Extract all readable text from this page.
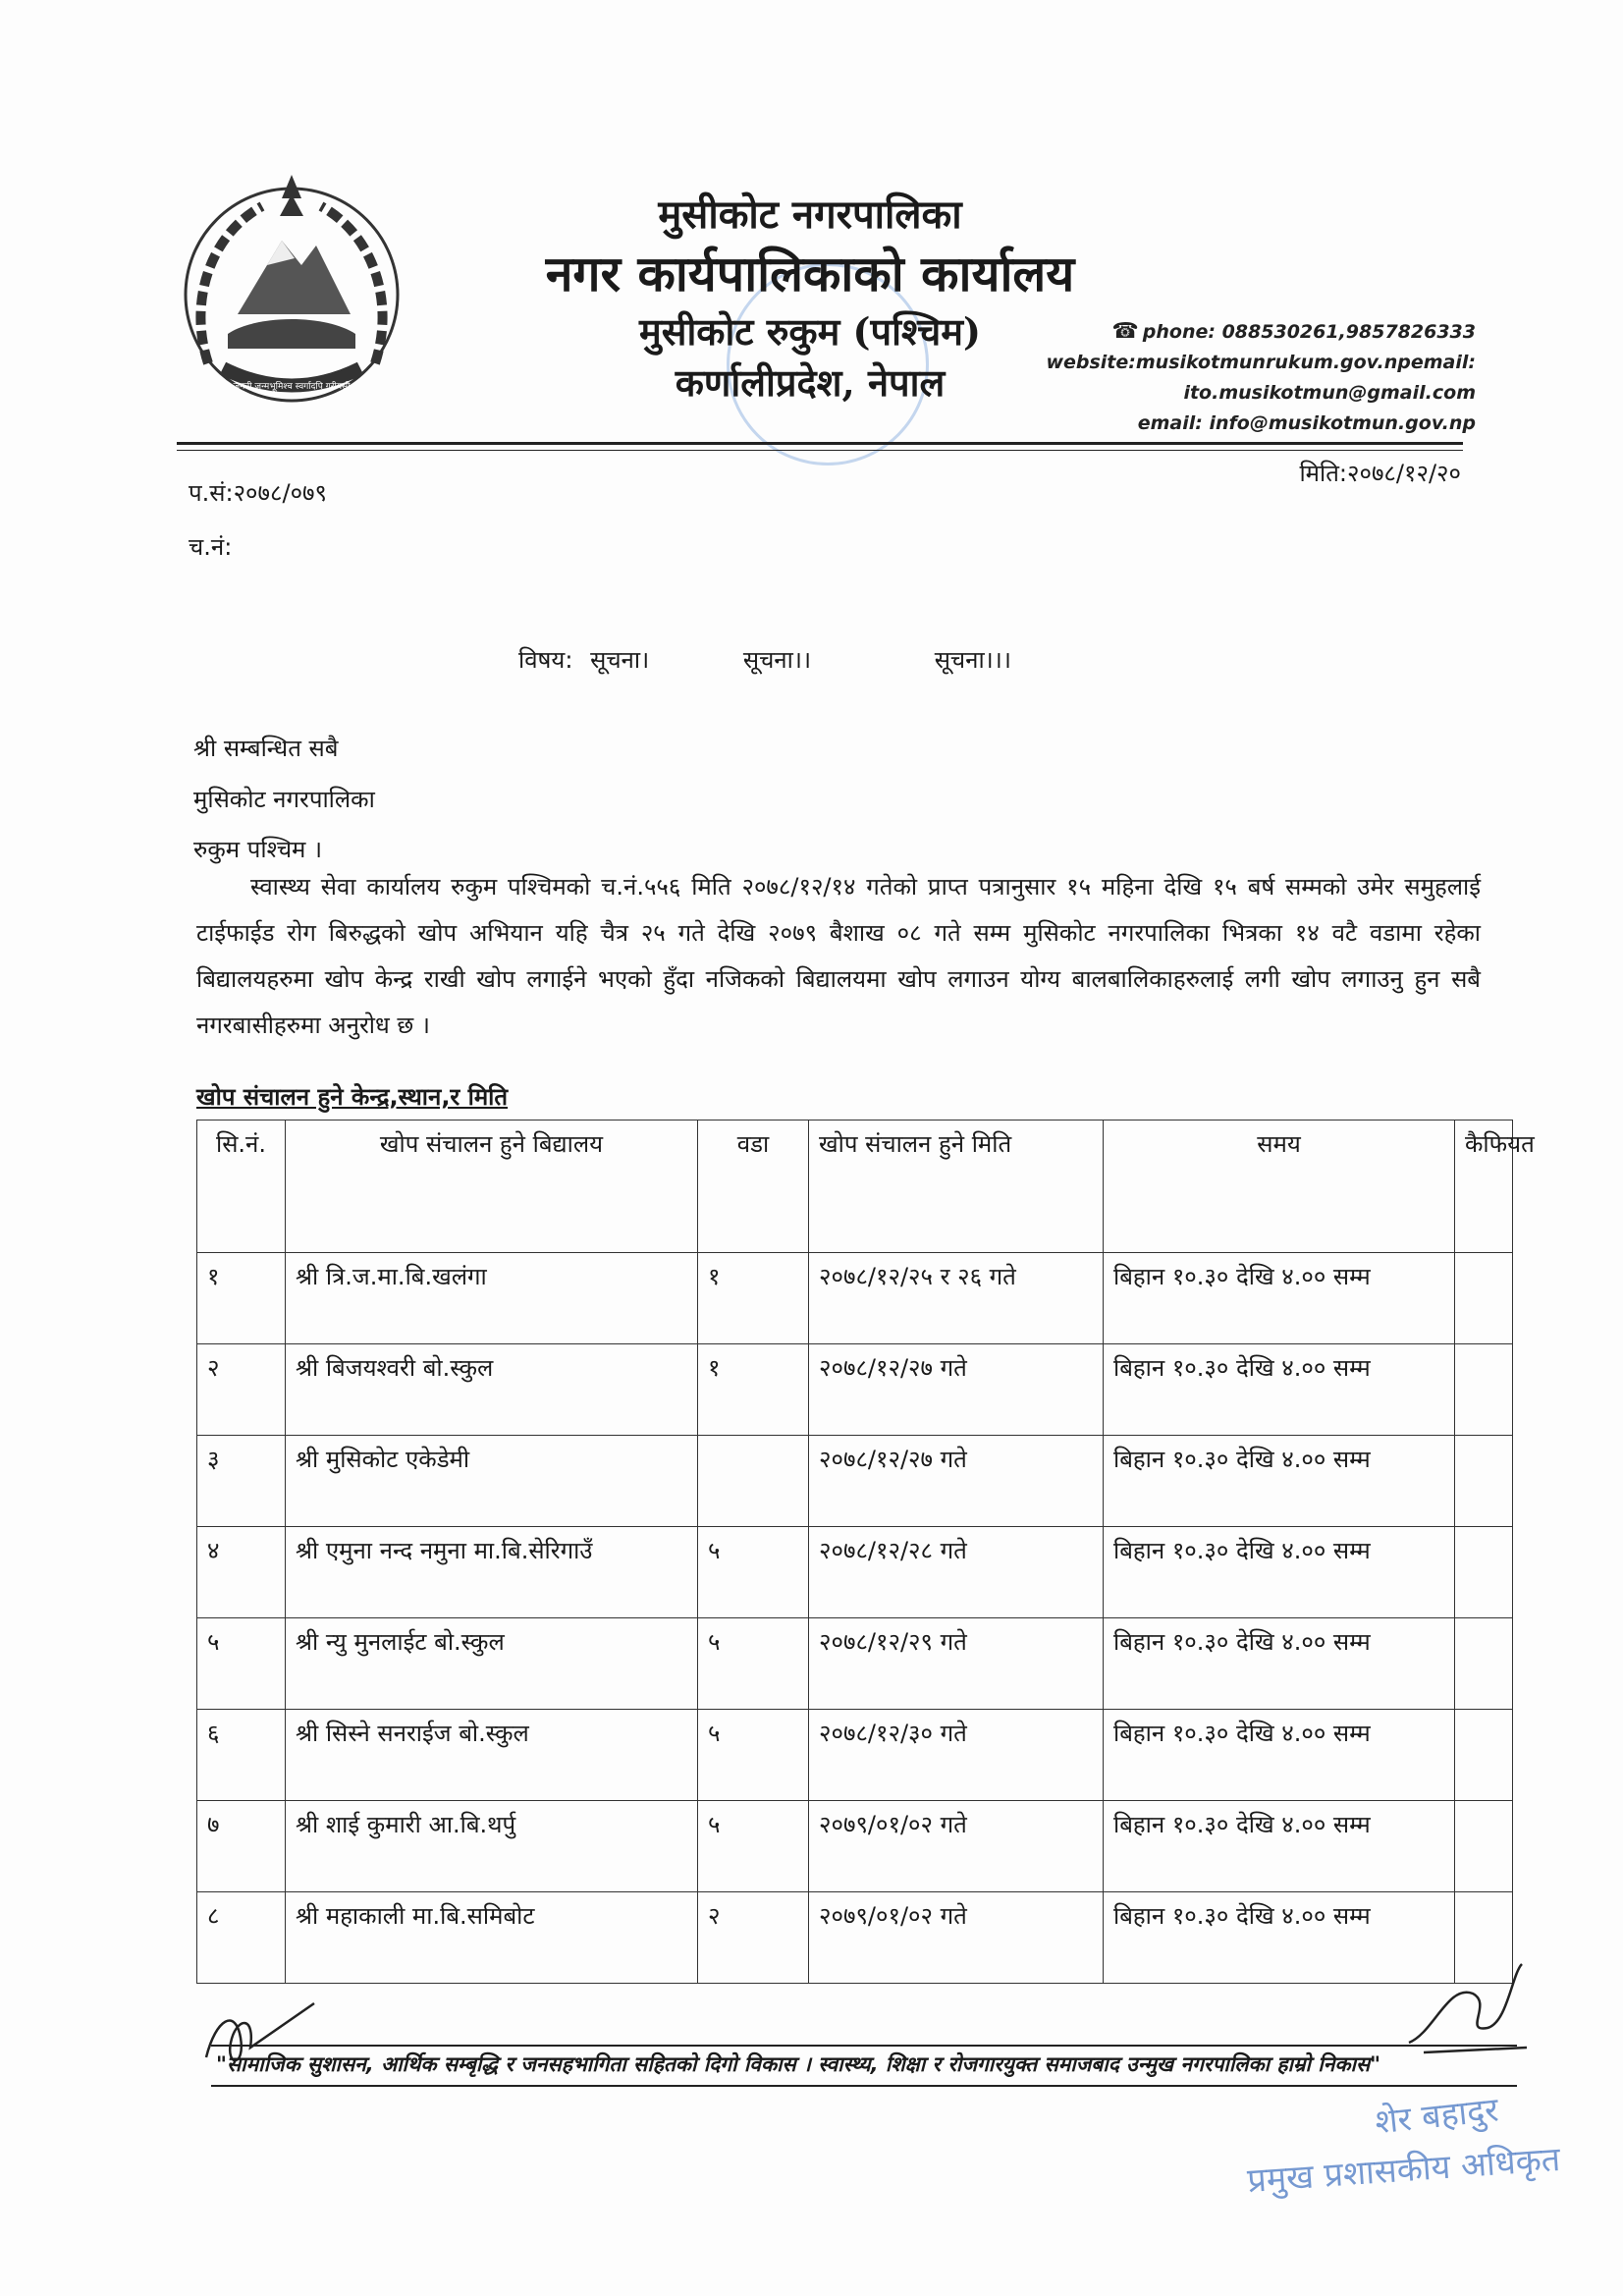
जननी जन्मभूमिश्च स्वर्गादपि गरीयसी
मुसीकोट नगरपालिका
नगर कार्यपालिकाको कार्यालय
मुसीकोट रुकुम (पश्चिम)
कर्णालीप्रदेश, नेपाल
☎ phone: 088530261,9857826333
website:musikotmunrukum.gov.npemail:
ito.musikotmun@gmail.com
email: info@musikotmun.gov.np
प.सं:२०७८/०७९
च.नं:
मिति:२०७८/१२/२०
विषय: सूचना।	सूचना।।	सूचना।।।
श्री सम्बन्धित सबै
मुसिकोट नगरपालिका
रुकुम पश्चिम ।
स्वास्थ्य सेवा कार्यालय रुकुम पश्चिमको च.नं.५५६ मिति २०७८/१२/१४ गतेको प्राप्त पत्रानुसार १५ महिना देखि १५ बर्ष सम्मको उमेर समुहलाई टाईफाईड रोग बिरुद्धको खोप अभियान यहि चैत्र २५ गते देखि २०७९ बैशाख ०८ गते सम्म मुसिकोट नगरपालिका भित्रका १४ वटै वडामा रहेका बिद्यालयहरुमा खोप केन्द्र राखी खोप लगाईने भएको हुँदा नजिकको बिद्यालयमा खोप लगाउन योग्य बालबालिकाहरुलाई लगी खोप लगाउनु हुन सबै नगरबासीहरुमा अनुरोध छ ।
खोप संचालन हुने केन्द्र,स्थान,र मिति
सि.नं.	खोप संचालन हुने बिद्यालय	वडा	खोप संचालन हुने मिति	समय	कैफियत
१	श्री त्रि.ज.मा.बि.खलंगा	१	२०७८/१२/२५ र २६ गते	बिहान १०.३० देखि ४.०० सम्म	
२	श्री बिजयश्वरी बो.स्कुल	१	२०७८/१२/२७ गते	बिहान १०.३० देखि ४.०० सम्म	
३	श्री मुसिकोट एकेडेमी		२०७८/१२/२७ गते	बिहान १०.३० देखि ४.०० सम्म	
४	श्री एमुना नन्द नमुना मा.बि.सेरिगाउँ	५	२०७८/१२/२८ गते	बिहान १०.३० देखि ४.०० सम्म	
५	श्री न्यु मुनलाईट बो.स्कुल	५	२०७८/१२/२९ गते	बिहान १०.३० देखि ४.०० सम्म	
६	श्री सिस्ने सनराईज बो.स्कुल	५	२०७८/१२/३० गते	बिहान १०.३० देखि ४.०० सम्म	
७	श्री शाई कुमारी आ.बि.थर्पु	५	२०७९/०१/०२ गते	बिहान १०.३० देखि ४.०० सम्म	
८	श्री महाकाली मा.बि.समिबोट	२	२०७९/०१/०२ गते	बिहान १०.३० देखि ४.०० सम्म	
"सामाजिक सुशासन, आर्थिक सम्बृद्धि र जनसहभागिता सहितको दिगो विकास । स्वास्थ्य, शिक्षा र रोजगारयुक्त समाजबाद उन्मुख नगरपालिका हाम्रो निकास"
शेर बहादुर
प्रमुख प्रशासकीय अधिकृत
